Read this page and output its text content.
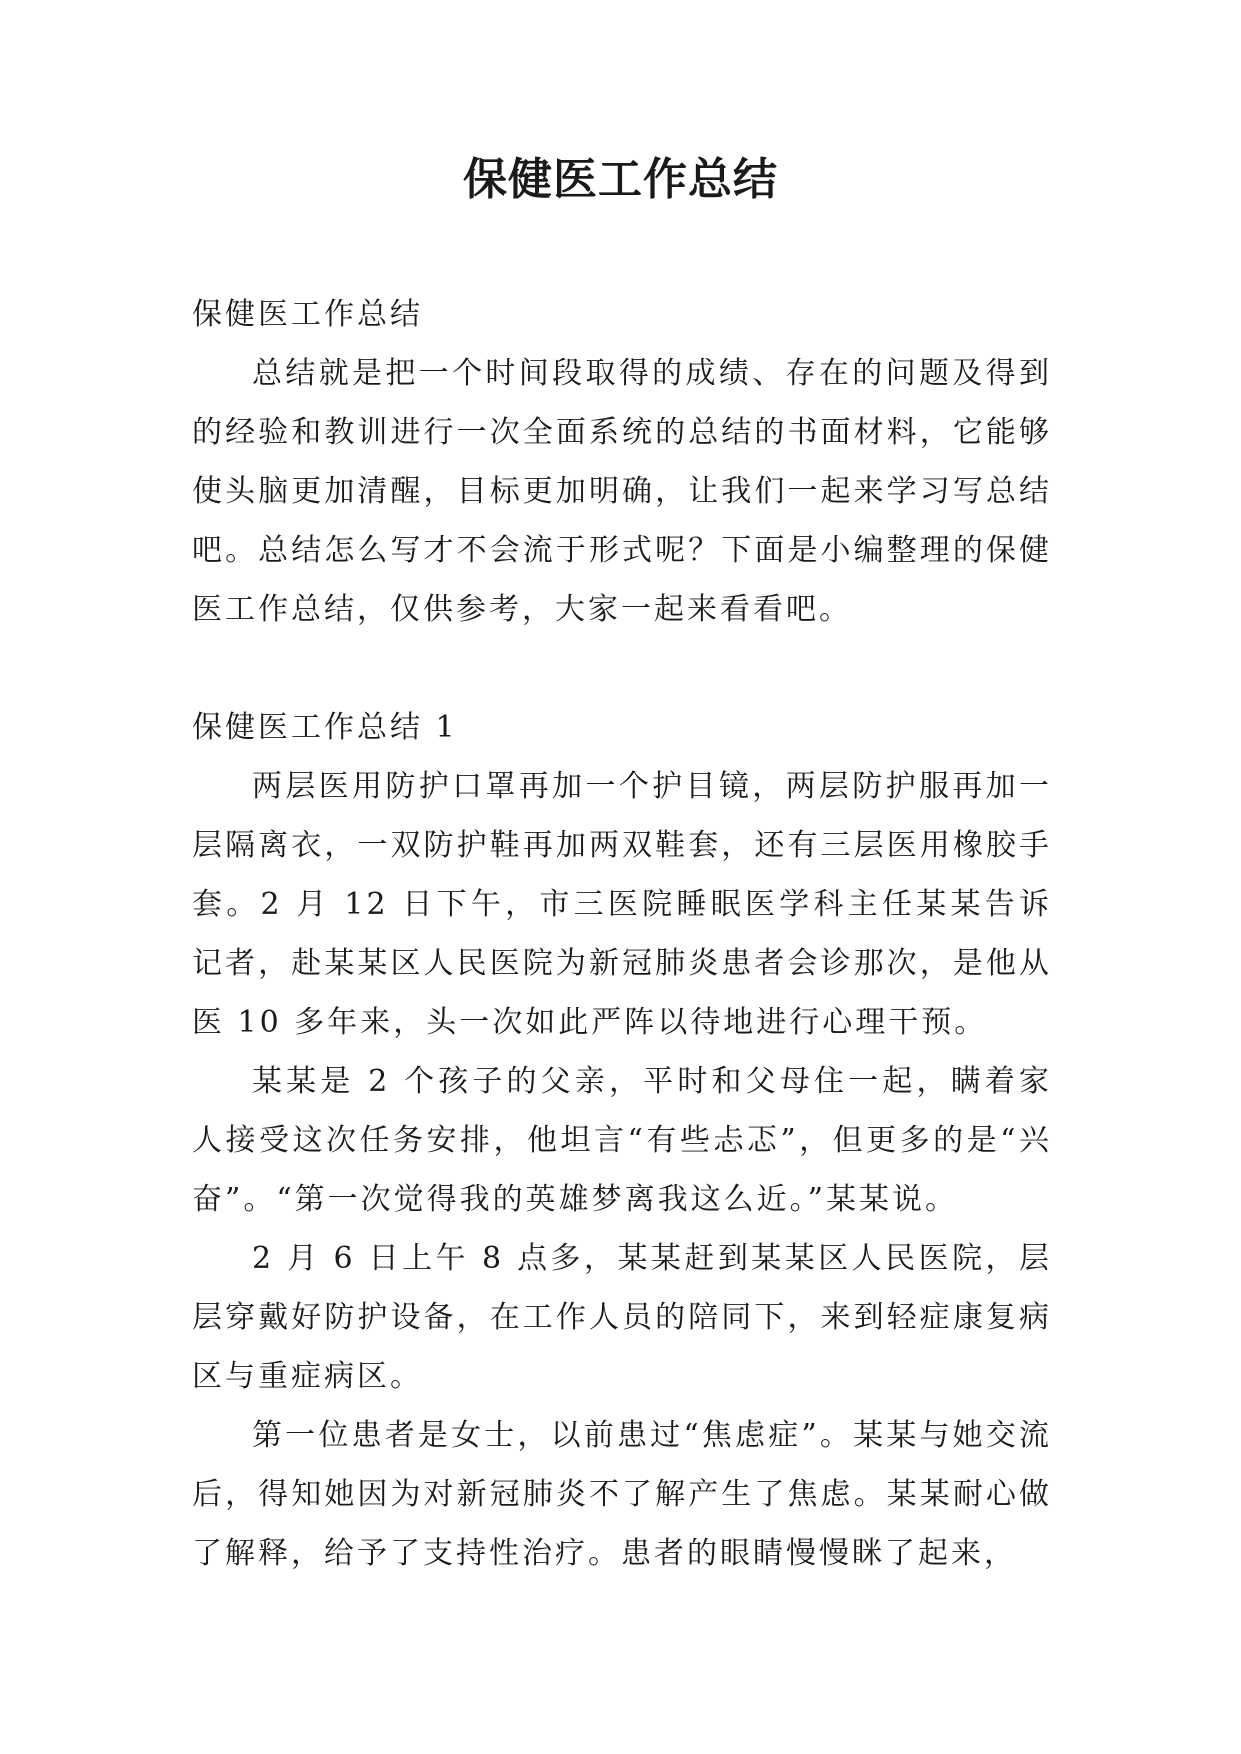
保健医工作总结

保健医工作总结

总结就是把一个时间段取得的成绩、存在的问题及得到的经验和教训进行一次全面系统的总结的书面材料，它能够使头脑更加清醒，目标更加明确，让我们一起来学习写总结吧。总结怎么写才不会流于形式呢？下面是小编整理的保健医工作总结，仅供参考，大家一起来看看吧。

保健医工作总结 1

两层医用防护口罩再加一个护目镜，两层防护服再加一层隔离衣，一双防护鞋再加两双鞋套，还有三层医用橡胶手套。2 月 12 日下午，市三医院睡眠医学科主任某某告诉记者，赴某某区人民医院为新冠肺炎患者会诊那次，是他从医 10 多年来，头一次如此严阵以待地进行心理干预。

某某是 2 个孩子的父亲，平时和父母住一起，瞒着家人接受这次任务安排，他坦言“有些忐忑”，但更多的是“兴奋”。“第一次觉得我的英雄梦离我这么近。”某某说。

2 月 6 日上午 8 点多，某某赶到某某区人民医院，层层穿戴好防护设备，在工作人员的陪同下，来到轻症康复病区与重症病区。

第一位患者是女士，以前患过“焦虑症”。某某与她交流后，得知她因为对新冠肺炎不了解产生了焦虑。某某耐心做了解释，给予了支持性治疗。患者的眼睛慢慢眯了起来，
